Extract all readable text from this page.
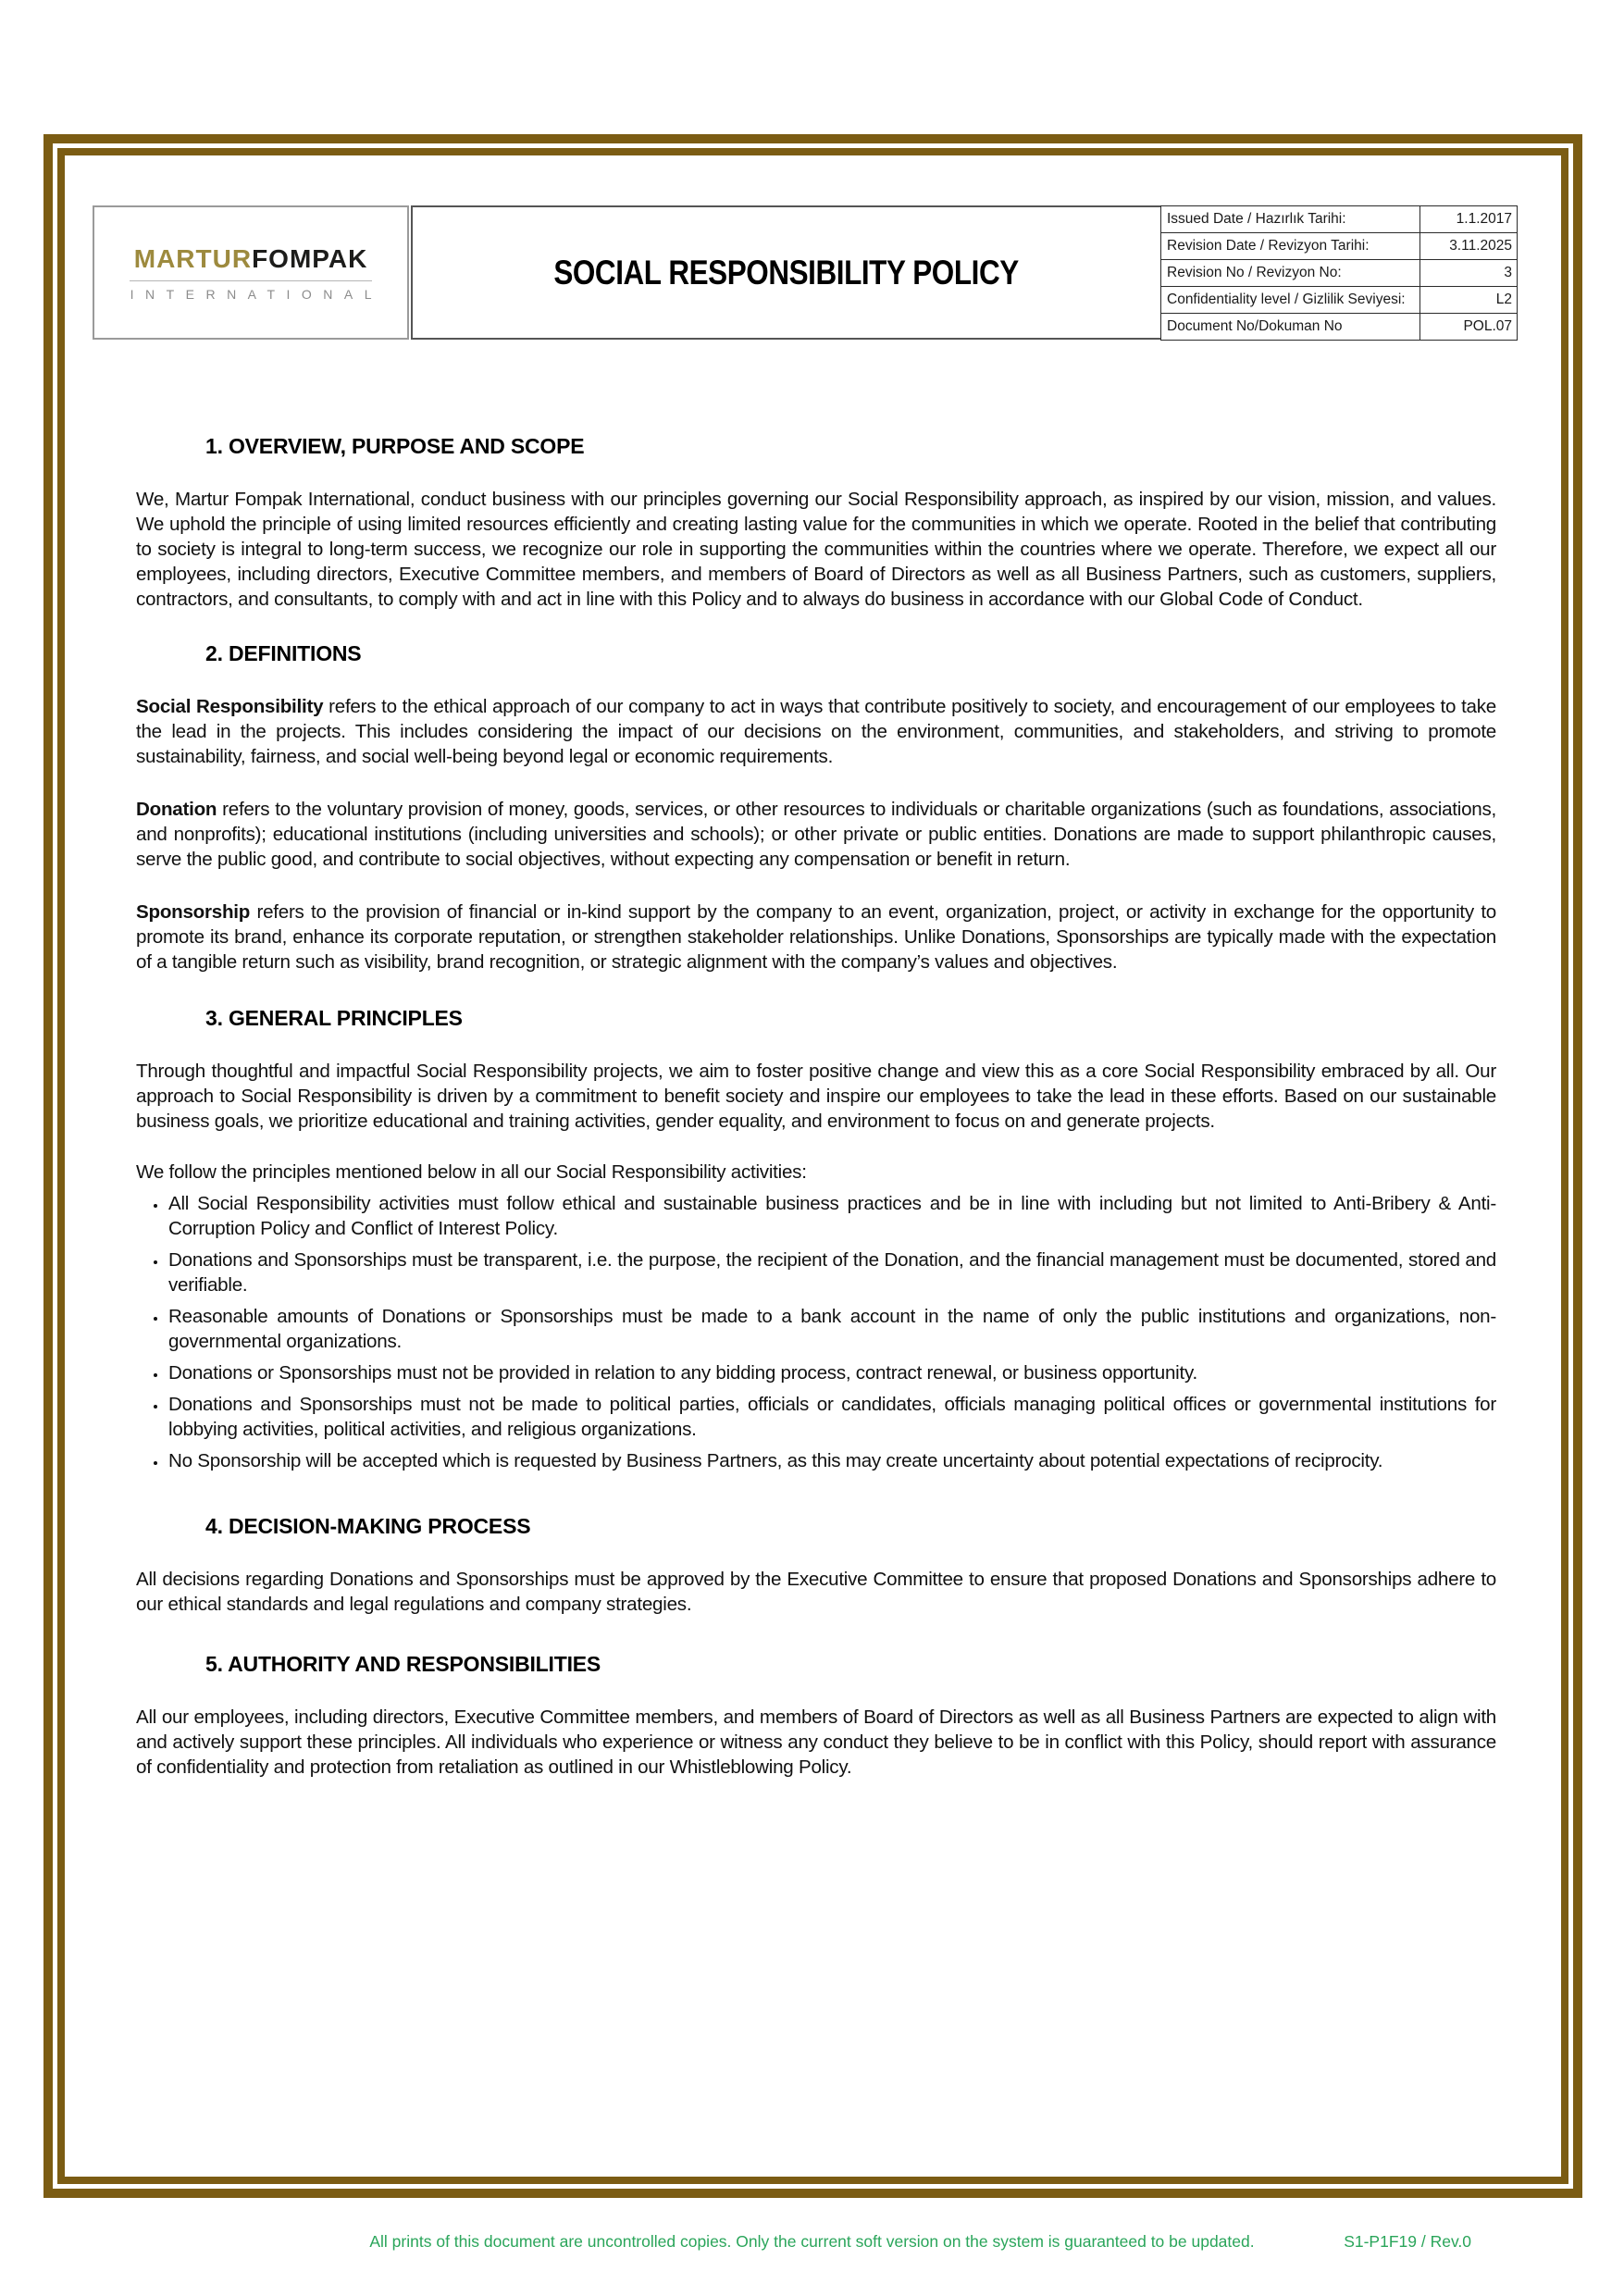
MARTURFOMPAK
INTERNATIONAL
SOCIAL RESPONSIBILITY POLICY
Issued Date / Hazırlık Tarihi:	1.1.2017
Revision Date / Revizyon Tarihi:	3.11.2025
Revision No / Revizyon No:	3
Confidentiality level / Gizlilik Seviyesi:	L2
Document No/Dokuman No	POL.07
1. OVERVIEW, PURPOSE AND SCOPE

We, Martur Fompak International, conduct business with our principles governing our Social Responsibility approach, as inspired by our vision, mission, and values. We uphold the principle of using limited resources efficiently and creating lasting value for the communities in which we operate. Rooted in the belief that contributing to society is integral to long-term success, we recognize our role in supporting the communities within the countries where we operate. Therefore, we expect all our employees, including directors, Executive Committee members, and members of Board of Directors as well as all Business Partners, such as customers, suppliers, contractors, and consultants, to comply with and act in line with this Policy and to always do business in accordance with our Global Code of Conduct.

2. DEFINITIONS

Social Responsibility refers to the ethical approach of our company to act in ways that contribute positively to society, and encouragement of our employees to take the lead in the projects. This includes considering the impact of our decisions on the environment, communities, and stakeholders, and striving to promote sustainability, fairness, and social well-being beyond legal or economic requirements.

Donation refers to the voluntary provision of money, goods, services, or other resources to individuals or charitable organizations (such as foundations, associations, and nonprofits); educational institutions (including universities and schools); or other private or public entities. Donations are made to support philanthropic causes, serve the public good, and contribute to social objectives, without expecting any compensation or benefit in return.

Sponsorship refers to the provision of financial or in-kind support by the company to an event, organization, project, or activity in exchange for the opportunity to promote its brand, enhance its corporate reputation, or strengthen stakeholder relationships. Unlike Donations, Sponsorships are typically made with the expectation of a tangible return such as visibility, brand recognition, or strategic alignment with the company’s values and objectives.

3. GENERAL PRINCIPLES

Through thoughtful and impactful Social Responsibility projects, we aim to foster positive change and view this as a core Social Responsibility embraced by all. Our approach to Social Responsibility is driven by a commitment to benefit society and inspire our employees to take the lead in these efforts. Based on our sustainable business goals, we prioritize educational and training activities, gender equality, and environment to focus on and generate projects.

We follow the principles mentioned below in all our Social Responsibility activities:

• All Social Responsibility activities must follow ethical and sustainable business practices and be in line with including but not limited to Anti-Bribery & Anti-Corruption Policy and Conflict of Interest Policy.
• Donations and Sponsorships must be transparent, i.e. the purpose, the recipient of the Donation, and the financial management must be documented, stored and verifiable.
• Reasonable amounts of Donations or Sponsorships must be made to a bank account in the name of only the public institutions and organizations, non-governmental organizations.
• Donations or Sponsorships must not be provided in relation to any bidding process, contract renewal, or business opportunity.
• Donations and Sponsorships must not be made to political parties, officials or candidates, officials managing political offices or governmental institutions for lobbying activities, political activities, and religious organizations.
• No Sponsorship will be accepted which is requested by Business Partners, as this may create uncertainty about potential expectations of reciprocity.
4. DECISION-MAKING PROCESS

All decisions regarding Donations and Sponsorships must be approved by the Executive Committee to ensure that proposed Donations and Sponsorships adhere to our ethical standards and legal regulations and company strategies.

5. AUTHORITY AND RESPONSIBILITIES

All our employees, including directors, Executive Committee members, and members of Board of Directors as well as all Business Partners are expected to align with and actively support these principles. All individuals who experience or witness any conduct they believe to be in conflict with this Policy, should report with assurance of confidentiality and protection from retaliation as outlined in our Whistleblowing Policy.

All prints of this document are uncontrolled copies. Only the current soft version on the system is guaranteed to be updated.	S1-P1F19 / Rev.0
